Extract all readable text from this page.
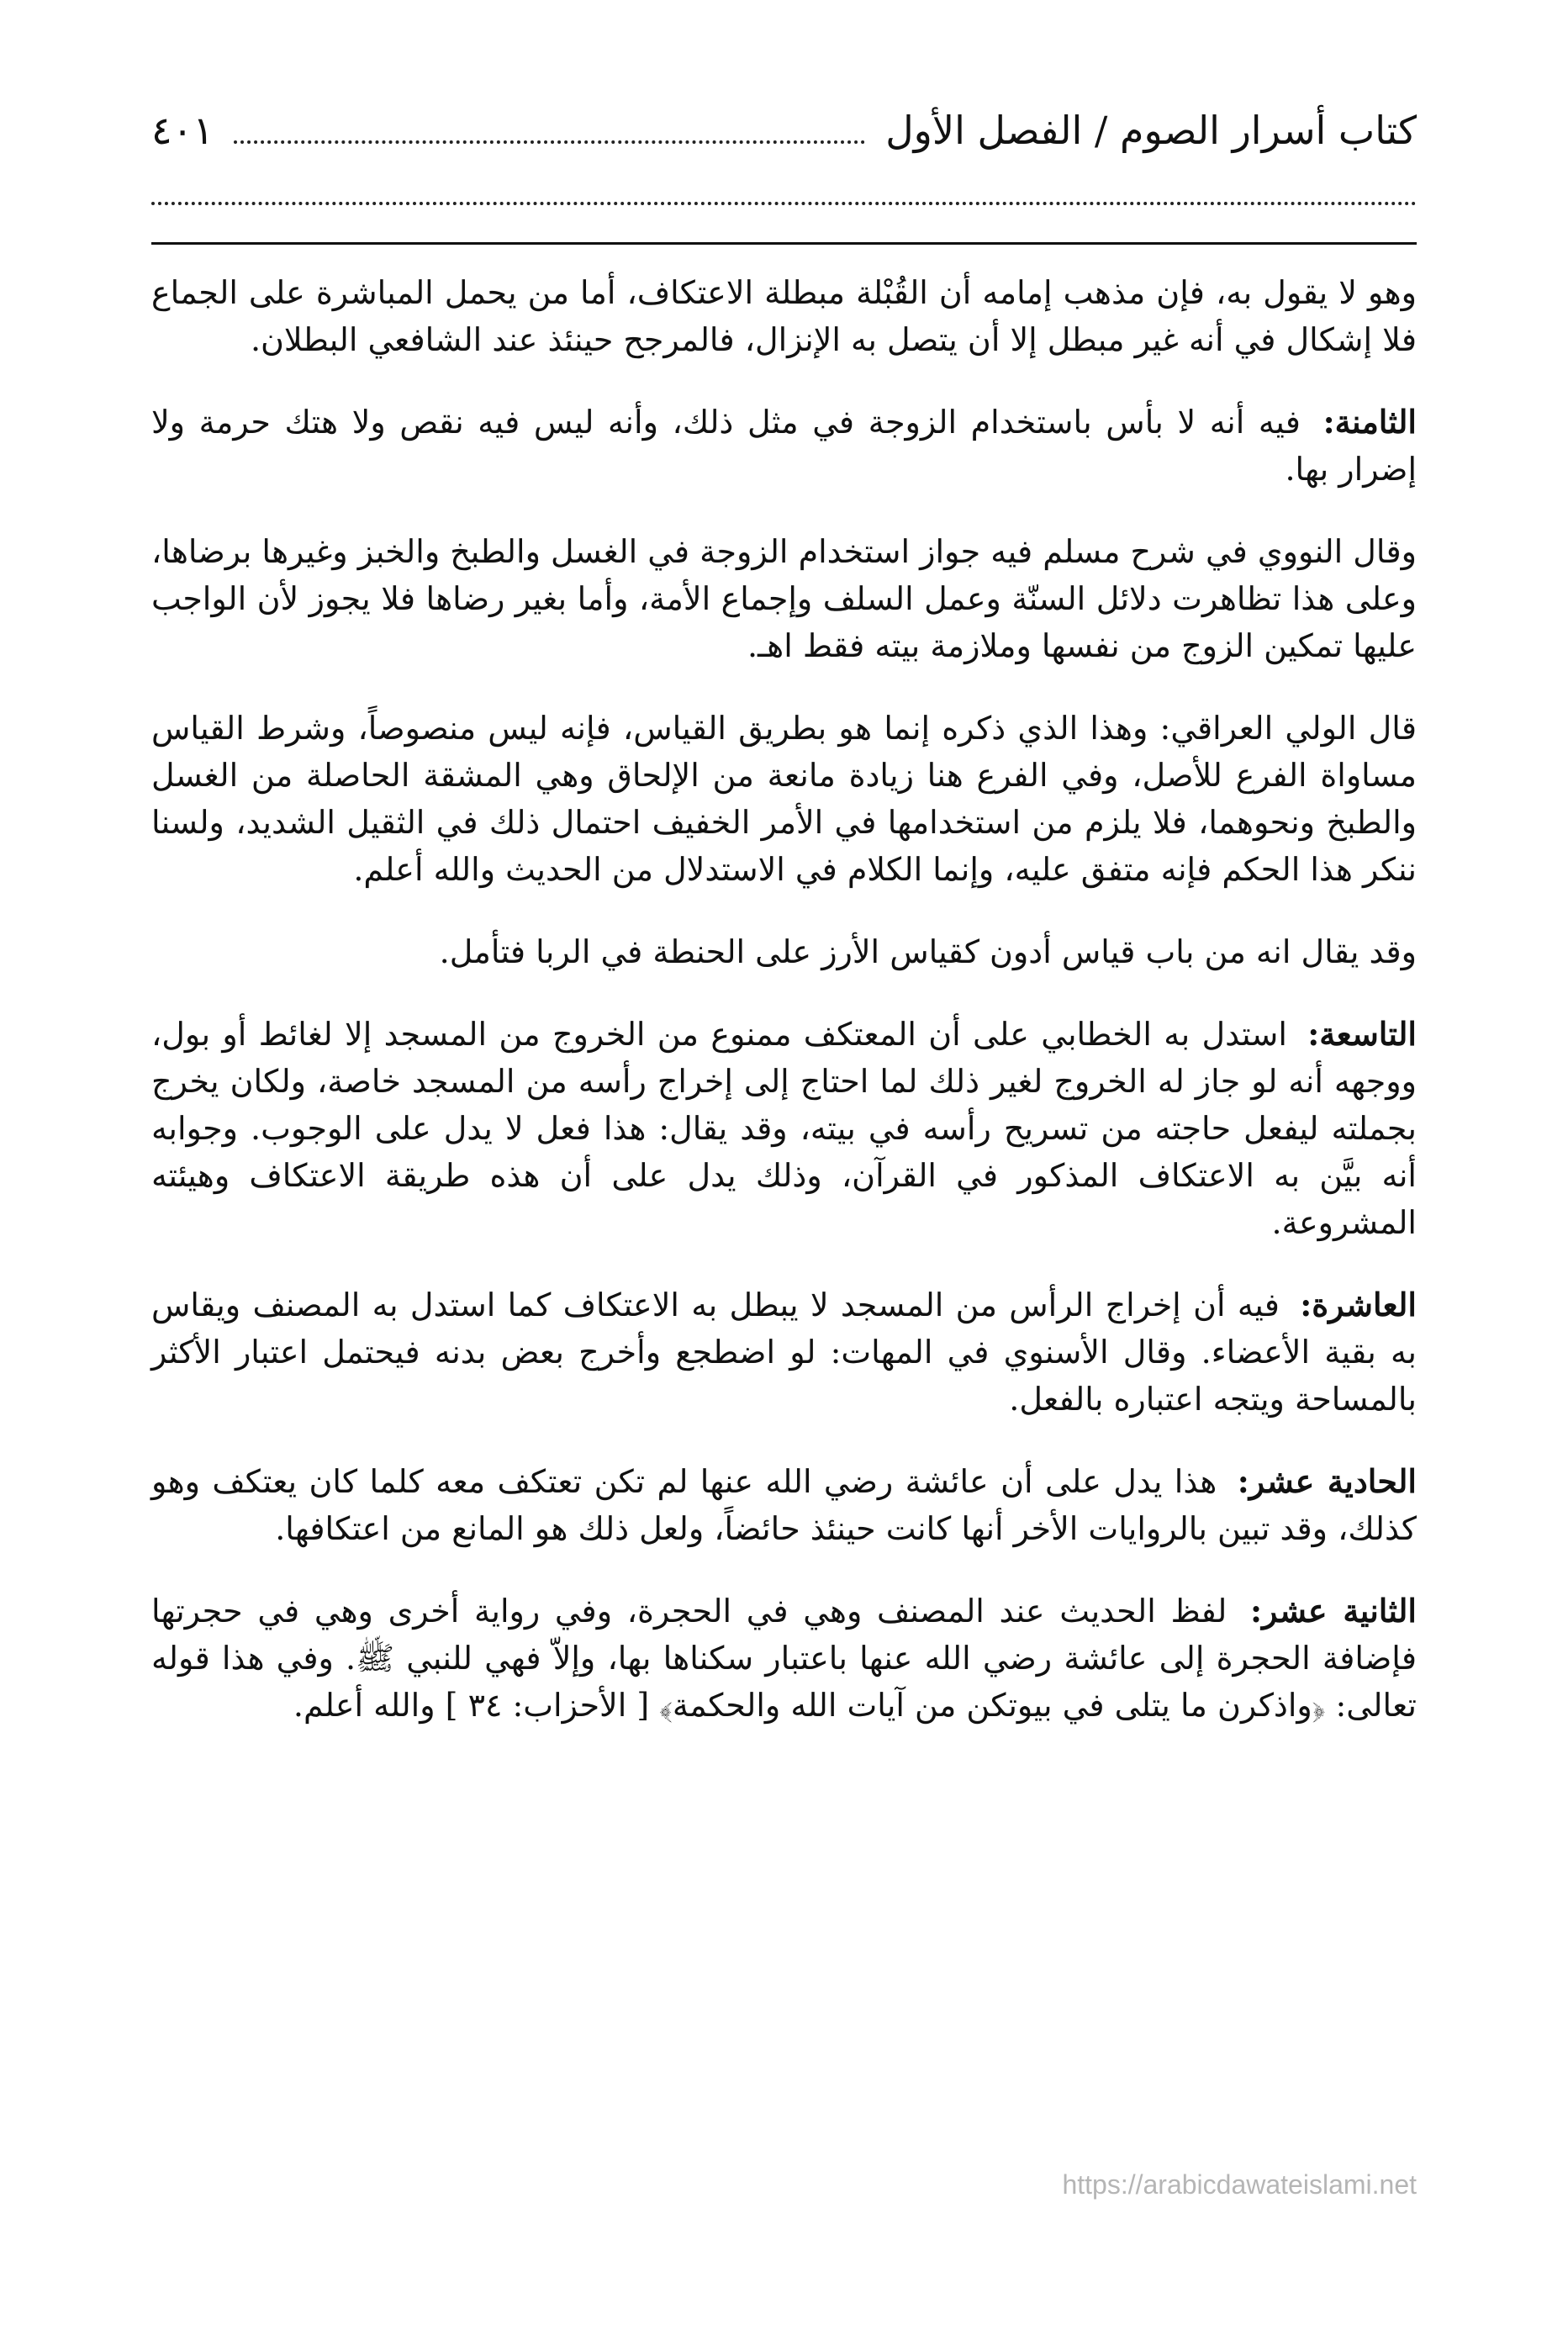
كتاب أسرار الصوم / الفصل الأول
٤٠١

وهو لا يقول به، فإن مذهب إمامه أن القُبْلة مبطلة الاعتكاف، أما من يحمل المباشرة على الجماع فلا إشكال في أنه غير مبطل إلا أن يتصل به الإنزال، فالمرجح حينئذ عند الشافعي البطلان.

الثامنة: فيه أنه لا بأس باستخدام الزوجة في مثل ذلك، وأنه ليس فيه نقص ولا هتك حرمة ولا إضرار بها.

وقال النووي في شرح مسلم فيه جواز استخدام الزوجة في الغسل والطبخ والخبز وغيرها برضاها، وعلى هذا تظاهرت دلائل السنّة وعمل السلف وإجماع الأمة، وأما بغير رضاها فلا يجوز لأن الواجب عليها تمكين الزوج من نفسها وملازمة بيته فقط اهـ.

قال الولي العراقي: وهذا الذي ذكره إنما هو بطريق القياس، فإنه ليس منصوصاً، وشرط القياس مساواة الفرع للأصل، وفي الفرع هنا زيادة مانعة من الإلحاق وهي المشقة الحاصلة من الغسل والطبخ ونحوهما، فلا يلزم من استخدامها في الأمر الخفيف احتمال ذلك في الثقيل الشديد، ولسنا ننكر هذا الحكم فإنه متفق عليه، وإنما الكلام في الاستدلال من الحديث والله أعلم.

وقد يقال انه من باب قياس أدون كقياس الأرز على الحنطة في الربا فتأمل.

التاسعة: استدل به الخطابي على أن المعتكف ممنوع من الخروج من المسجد إلا لغائط أو بول، ووجهه أنه لو جاز له الخروج لغير ذلك لما احتاج إلى إخراج رأسه من المسجد خاصة، ولكان يخرج بجملته ليفعل حاجته من تسريح رأسه في بيته، وقد يقال: هذا فعل لا يدل على الوجوب. وجوابه أنه بيَّن به الاعتكاف المذكور في القرآن، وذلك يدل على أن هذه طريقة الاعتكاف وهيئته المشروعة.

العاشرة: فيه أن إخراج الرأس من المسجد لا يبطل به الاعتكاف كما استدل به المصنف ويقاس به بقية الأعضاء. وقال الأسنوي في المهات: لو اضطجع وأخرج بعض بدنه فيحتمل اعتبار الأكثر بالمساحة ويتجه اعتباره بالفعل.

الحادية عشر: هذا يدل على أن عائشة رضي الله عنها لم تكن تعتكف معه كلما كان يعتكف وهو كذلك، وقد تبين بالروايات الأخر أنها كانت حينئذ حائضاً، ولعل ذلك هو المانع من اعتكافها.

الثانية عشر: لفظ الحديث عند المصنف وهي في الحجرة، وفي رواية أخرى وهي في حجرتها فإضافة الحجرة إلى عائشة رضي الله عنها باعتبار سكناها بها، وإلاّ فهي للنبي ﷺ. وفي هذا قوله تعالى: ﴿واذكرن ما يتلى في بيوتكن من آيات الله والحكمة﴾ [ الأحزاب: ٣٤ ] والله أعلم.

https://arabicdawateislami.net
